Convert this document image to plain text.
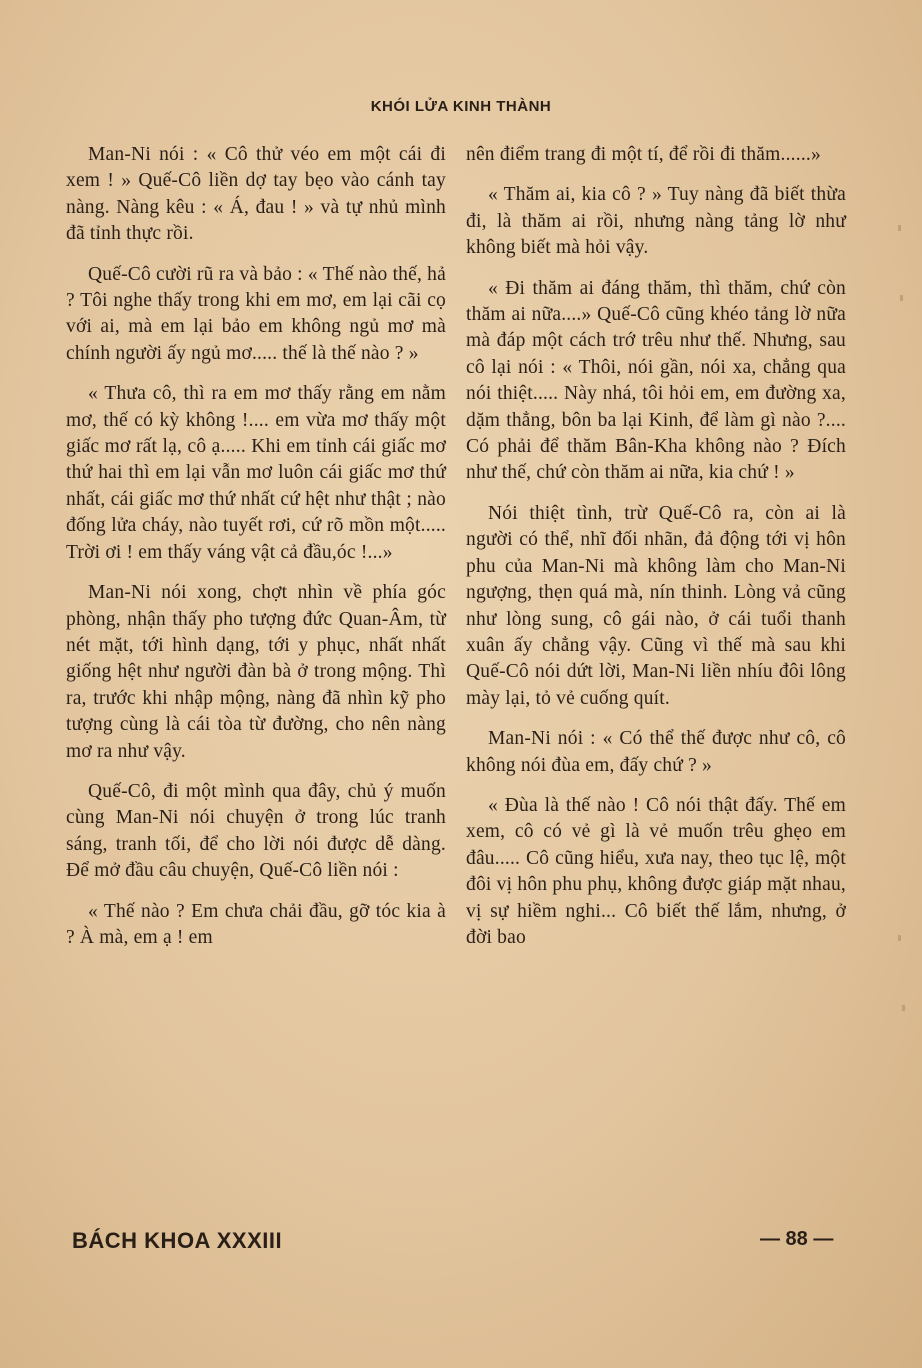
KHÓI LỬA KINH THÀNH

Man-Ni nói : « Cô thử véo em một cái đi xem ! » Quế-Cô liền dợ tay bẹo vào cánh tay nàng. Nàng kêu : « Á, đau ! » và tự nhủ mình đã tỉnh thực rồi.

Quế-Cô cười rũ ra và bảo : « Thế nào thế, hả ? Tôi nghe thấy trong khi em mơ, em lại cãi cọ với ai, mà em lại bảo em không ngủ mơ mà chính người ấy ngủ mơ..... thế là thế nào ? »

« Thưa cô, thì ra em mơ thấy rằng em nằm mơ, thế có kỳ không !.... em vừa mơ thấy một giấc mơ rất lạ, cô ạ..... Khi em tỉnh cái giấc mơ thứ hai thì em lại vẫn mơ luôn cái giấc mơ thứ nhất, cái giấc mơ thứ nhất cứ hệt như thật ; nào đống lửa cháy, nào tuyết rơi, cứ rõ mồn một..... Trời ơi ! em thấy váng vật cả đầu,óc !...»

Man-Ni nói xong, chợt nhìn về phía góc phòng, nhận thấy pho tượng đức Quan-Âm, từ nét mặt, tới hình dạng, tới y phục, nhất nhất giống hệt như người đàn bà ở trong mộng. Thì ra, trước khi nhập mộng, nàng đã nhìn kỹ pho tượng cùng là cái tòa từ đường, cho nên nàng mơ ra như vậy.

Quế-Cô, đi một mình qua đây, chủ ý muốn cùng Man-Ni nói chuyện ở trong lúc tranh sáng, tranh tối, để cho lời nói được dễ dàng. Để mở đầu câu chuyện, Quế-Cô liền nói :

« Thế nào ? Em chưa chải đầu, gỡ tóc kia à ? À mà, em ạ ! em

nên điểm trang đi một tí, để rồi đi thăm......»

« Thăm ai, kia cô ? » Tuy nàng đã biết thừa đi, là thăm ai rồi, nhưng nàng tảng lờ như không biết mà hỏi vậy.

« Đi thăm ai đáng thăm, thì thăm, chứ còn thăm ai nữa....» Quế-Cô cũng khéo tảng lờ nữa mà đáp một cách trớ trêu như thế. Nhưng, sau cô lại nói : « Thôi, nói gần, nói xa, chẳng qua nói thiệt..... Này nhá, tôi hỏi em, em đường xa, dặm thẳng, bôn ba lại Kinh, để làm gì nào ?.... Có phải để thăm Bân-Kha không nào ? Đích như thế, chứ còn thăm ai nữa, kia chứ ! »

Nói thiệt tình, trừ Quế-Cô ra, còn ai là người có thể, nhĩ đối nhãn, đả động tới vị hôn phu của Man-Ni mà không làm cho Man-Ni ngượng, thẹn quá mà, nín thinh. Lòng vả cũng như lòng sung, cô gái nào, ở cái tuổi thanh xuân ấy chẳng vậy. Cũng vì thế mà sau khi Quế-Cô nói dứt lời, Man-Ni liền nhíu đôi lông mày lại, tỏ vẻ cuống quít.

Man-Ni nói : « Có thể thế được như cô, cô không nói đùa em, đấy chứ ? »

« Đùa là thế nào ! Cô nói thật đấy. Thế em xem, cô có vẻ gì là vẻ muốn trêu ghẹo em đâu..... Cô cũng hiểu, xưa nay, theo tục lệ, một đôi vị hôn phu phụ, không được giáp mặt nhau, vị sự hiềm nghi... Cô biết thế lắm, nhưng, ở đời bao

BÁCH KHOA XXXIII	— 88 —
